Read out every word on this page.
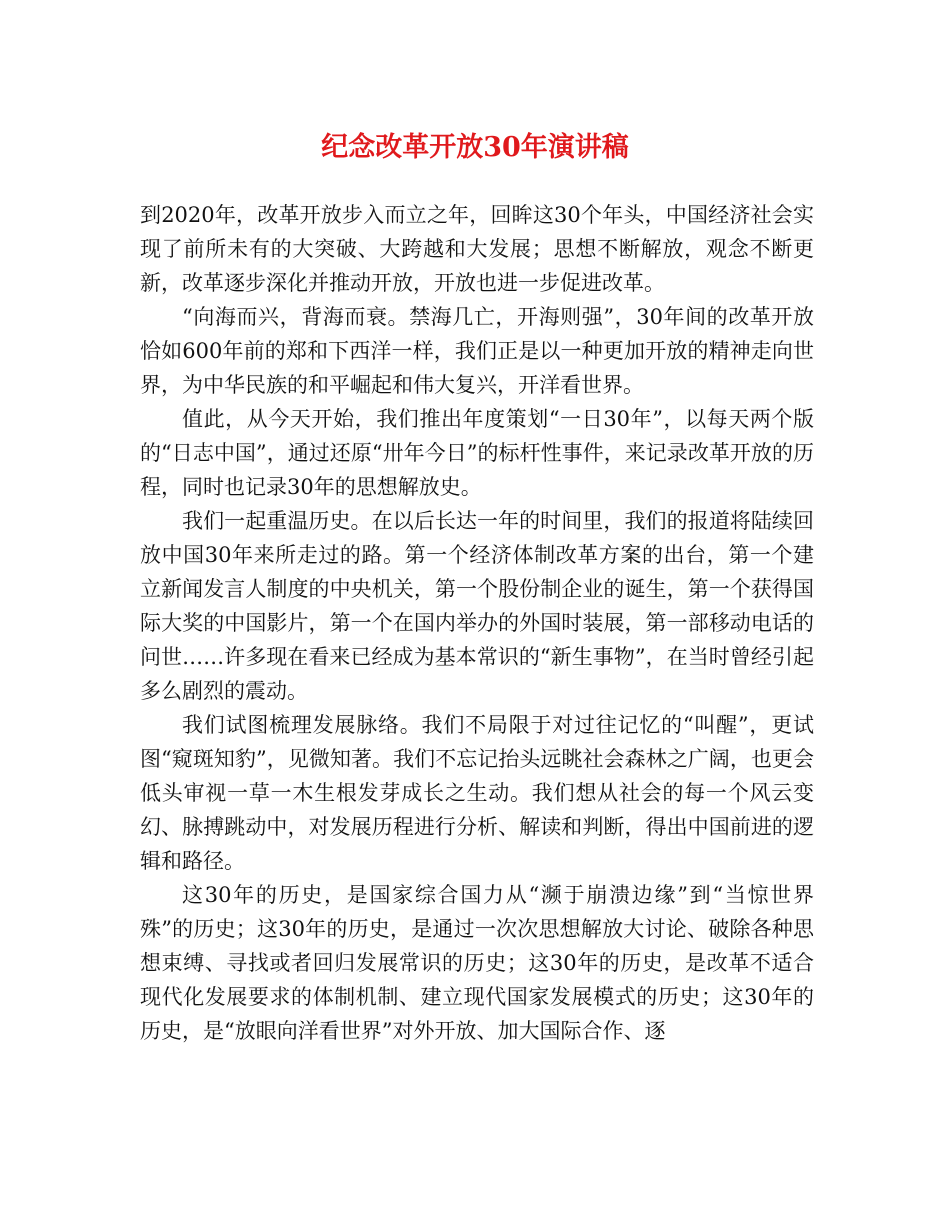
纪念改革开放30年演讲稿

到2020年，改革开放步入而立之年，回眸这30个年头，中国经济社会实现了前所未有的大突破、大跨越和大发展；思想不断解放，观念不断更新，改革逐步深化并推动开放，开放也进一步促进改革。

“向海而兴，背海而衰。禁海几亡，开海则强”，30年间的改革开放恰如600年前的郑和下西洋一样，我们正是以一种更加开放的精神走向世界，为中华民族的和平崛起和伟大复兴，开洋看世界。

值此，从今天开始，我们推出年度策划“一日30年”，以每天两个版的“日志中国”，通过还原“卅年今日”的标杆性事件，来记录改革开放的历程，同时也记录30年的思想解放史。

我们一起重温历史。在以后长达一年的时间里，我们的报道将陆续回放中国30年来所走过的路。第一个经济体制改革方案的出台，第一个建立新闻发言人制度的中央机关，第一个股份制企业的诞生，第一个获得国际大奖的中国影片，第一个在国内举办的外国时装展，第一部移动电话的问世……许多现在看来已经成为基本常识的“新生事物”，在当时曾经引起多么剧烈的震动。

我们试图梳理发展脉络。我们不局限于对过往记忆的“叫醒”，更试图“窥斑知豹”，见微知著。我们不忘记抬头远眺社会森林之广阔，也更会低头审视一草一木生根发芽成长之生动。我们想从社会的每一个风云变幻、脉搏跳动中，对发展历程进行分析、解读和判断，得出中国前进的逻辑和路径。

这30年的历史，是国家综合国力从“濒于崩溃边缘”到“当惊世界殊”的历史；这30年的历史，是通过一次次思想解放大讨论、破除各种思想束缚、寻找或者回归发展常识的历史；这30年的历史，是改革不适合现代化发展要求的体制机制、建立现代国家发展模式的历史；这30年的历史，是“放眼向洋看世界”对外开放、加大国际合作、逐
